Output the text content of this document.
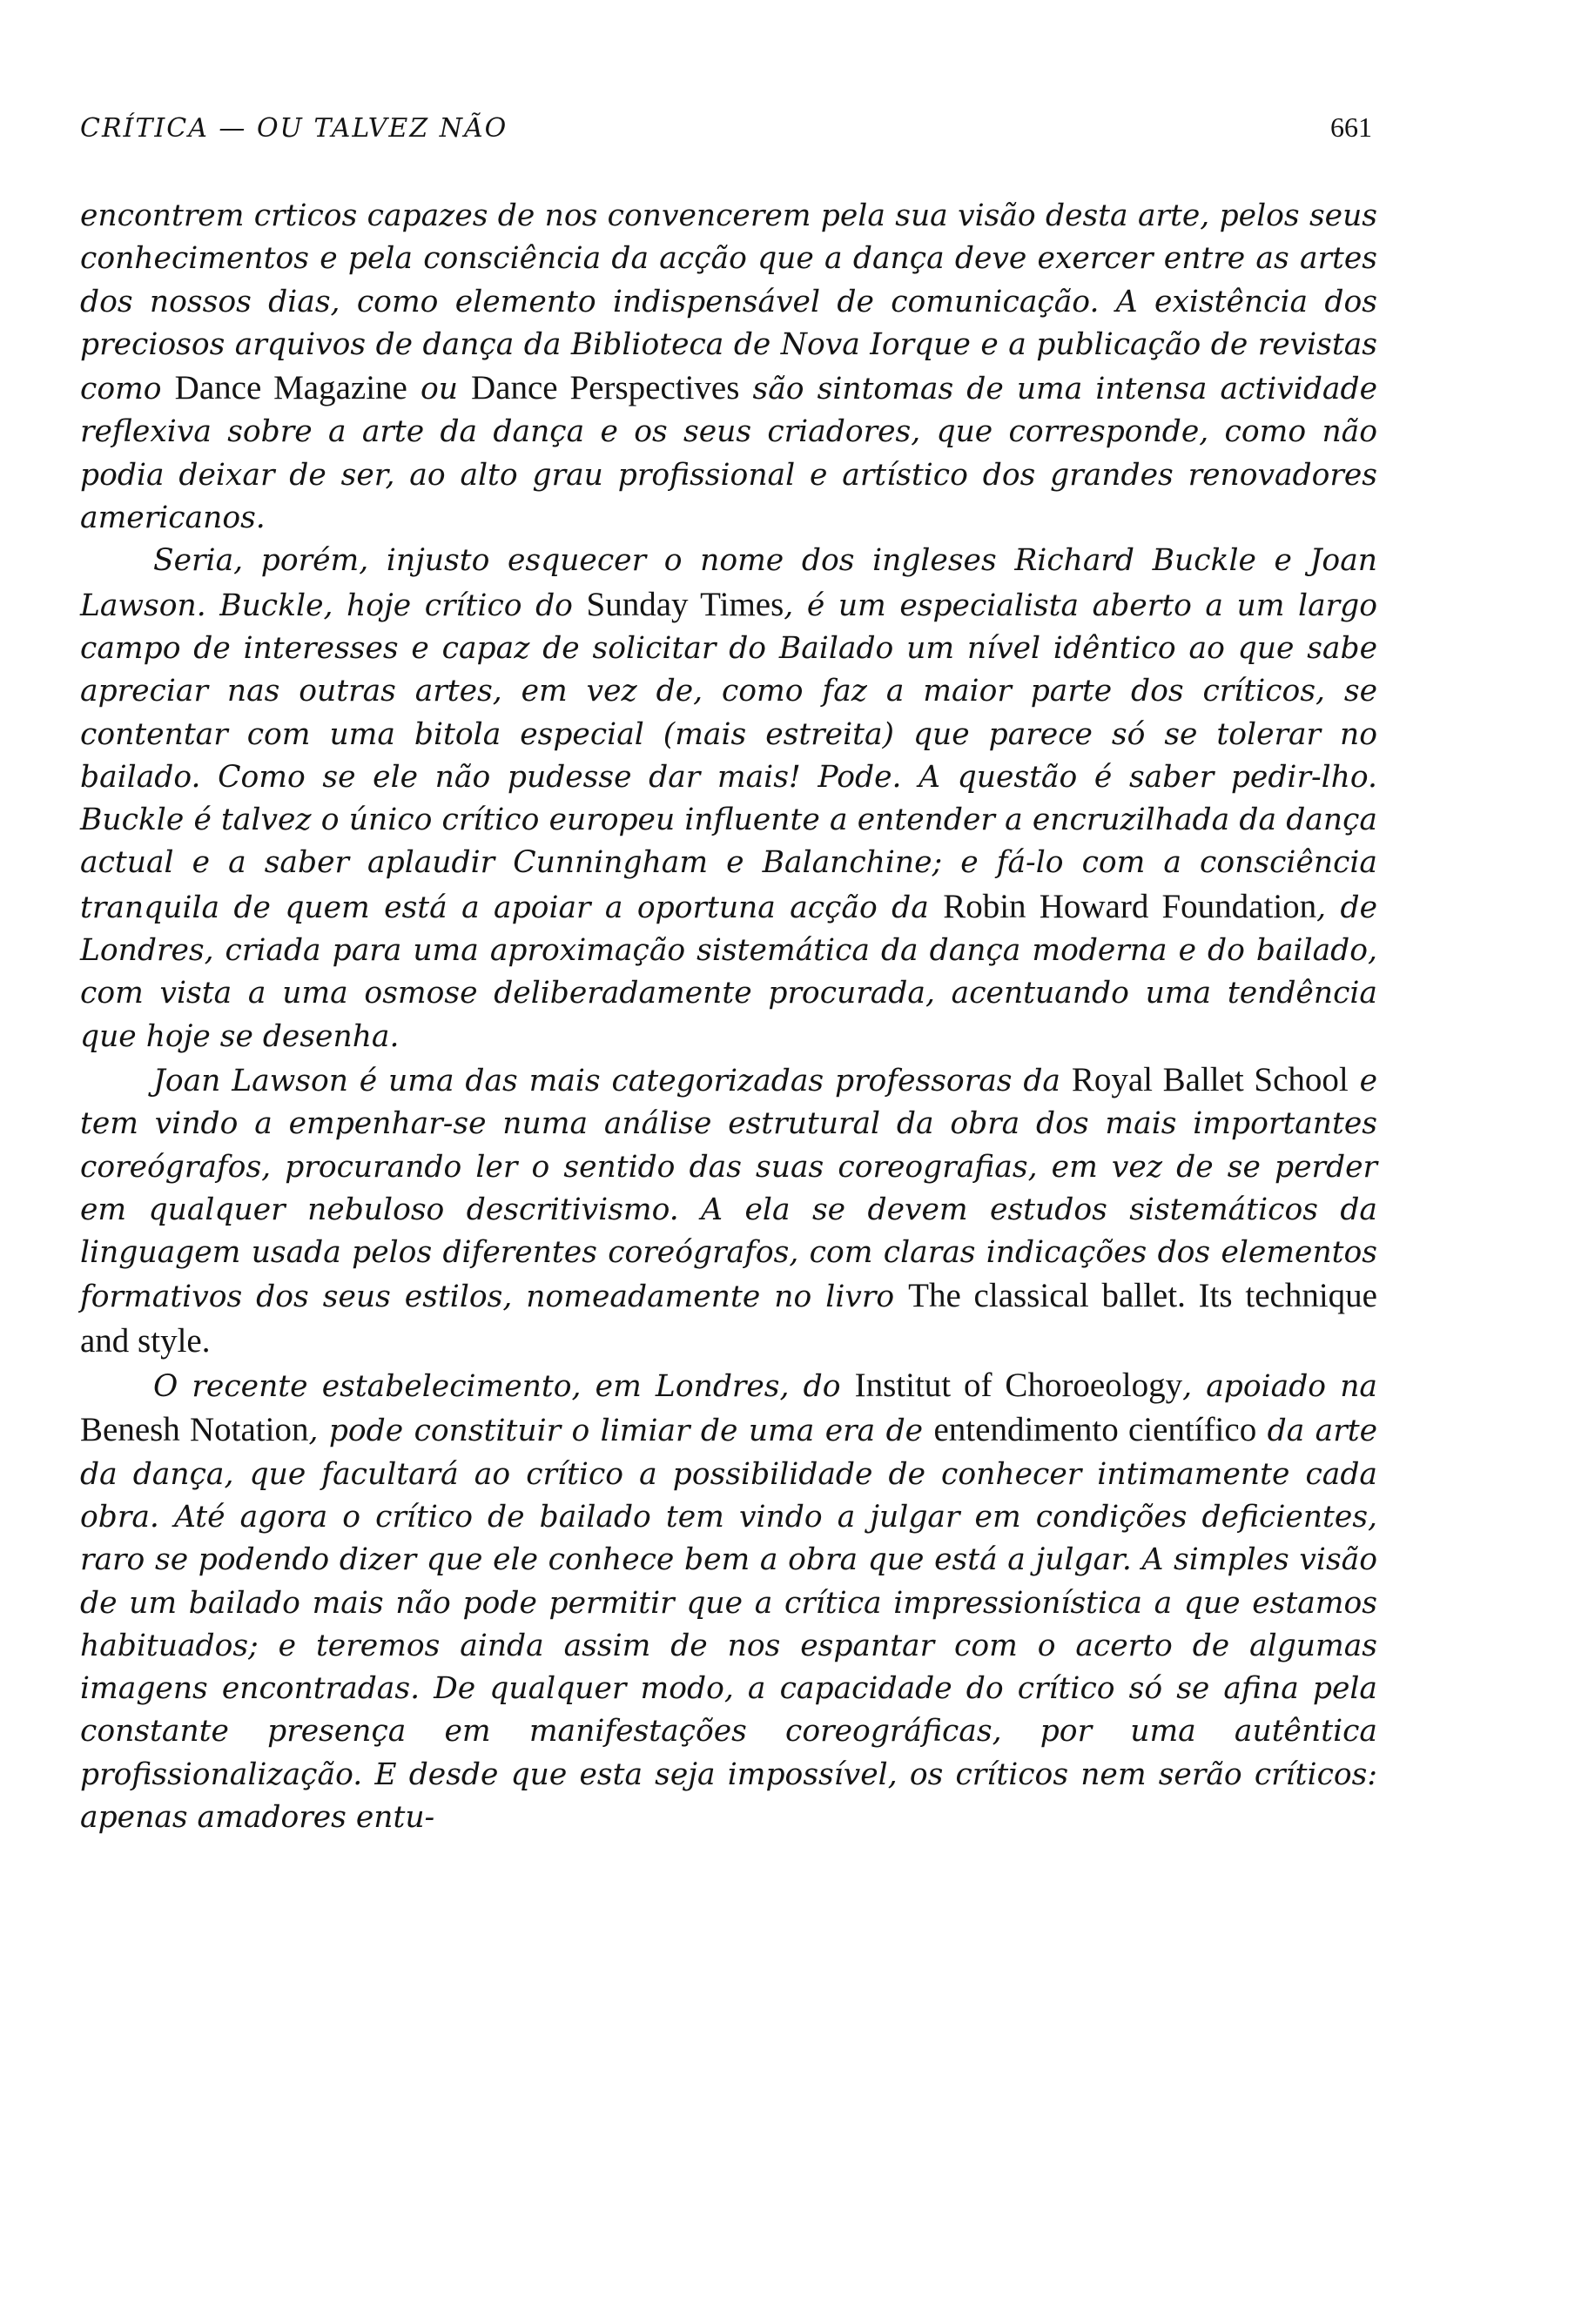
CRÍTICA — OU TALVEZ NÃO	661

encontrem crticos capazes de nos convencerem pela sua visão desta arte, pelos seus conhecimentos e pela consciência da acção que a dança deve exercer entre as artes dos nossos dias, como elemento indispensável de comunicação. A existência dos preciosos arquivos de dança da Biblioteca de Nova Iorque e a publicação de revistas como Dance Magazine ou Dance Perspectives são sintomas de uma intensa actividade reflexiva sobre a arte da dança e os seus criadores, que corresponde, como não podia deixar de ser, ao alto grau profissional e artístico dos grandes renovadores americanos.

Seria, porém, injusto esquecer o nome dos ingleses Richard Buckle e Joan Lawson. Buckle, hoje crítico do Sunday Times, é um especialista aberto a um largo campo de interesses e capaz de solicitar do Bailado um nível idêntico ao que sabe apreciar nas outras artes, em vez de, como faz a maior parte dos críticos, se contentar com uma bitola especial (mais estreita) que parece só se tolerar no bailado. Como se ele não pudesse dar mais! Pode. A questão é saber pedir-lho. Buckle é talvez o único crítico europeu influente a entender a encruzilhada da dança actual e a saber aplaudir Cunningham e Balanchine; e fá-lo com a consciência tranquila de quem está a apoiar a oportuna acção da Robin Howard Foundation, de Londres, criada para uma aproximação sistemática da dança moderna e do bailado, com vista a uma osmose deliberadamente procurada, acentuando uma tendência que hoje se desenha.

Joan Lawson é uma das mais categorizadas professoras da Royal Ballet School e tem vindo a empenhar-se numa análise estrutural da obra dos mais importantes coreógrafos, procurando ler o sentido das suas coreografias, em vez de se perder em qualquer nebuloso descritivismo. A ela se devem estudos sistemáticos da linguagem usada pelos diferentes coreógrafos, com claras indicações dos elementos formativos dos seus estilos, nomeadamente no livro The classical ballet. Its technique and style.

O recente estabelecimento, em Londres, do Institut of Choroeology, apoiado na Benesh Notation, pode constituir o limiar de uma era de entendimento científico da arte da dança, que facultará ao crítico a possibilidade de conhecer intimamente cada obra. Até agora o crítico de bailado tem vindo a julgar em condições deficientes, raro se podendo dizer que ele conhece bem a obra que está a julgar. A simples visão de um bailado mais não pode permitir que a crítica impressionística a que estamos habituados; e teremos ainda assim de nos espantar com o acerto de algumas imagens encontradas. De qualquer modo, a capacidade do crítico só se afina pela constante presença em manifestações coreográficas, por uma autêntica profissionalização. E desde que esta seja impossível, os críticos nem serão críticos: apenas amadores entu-
